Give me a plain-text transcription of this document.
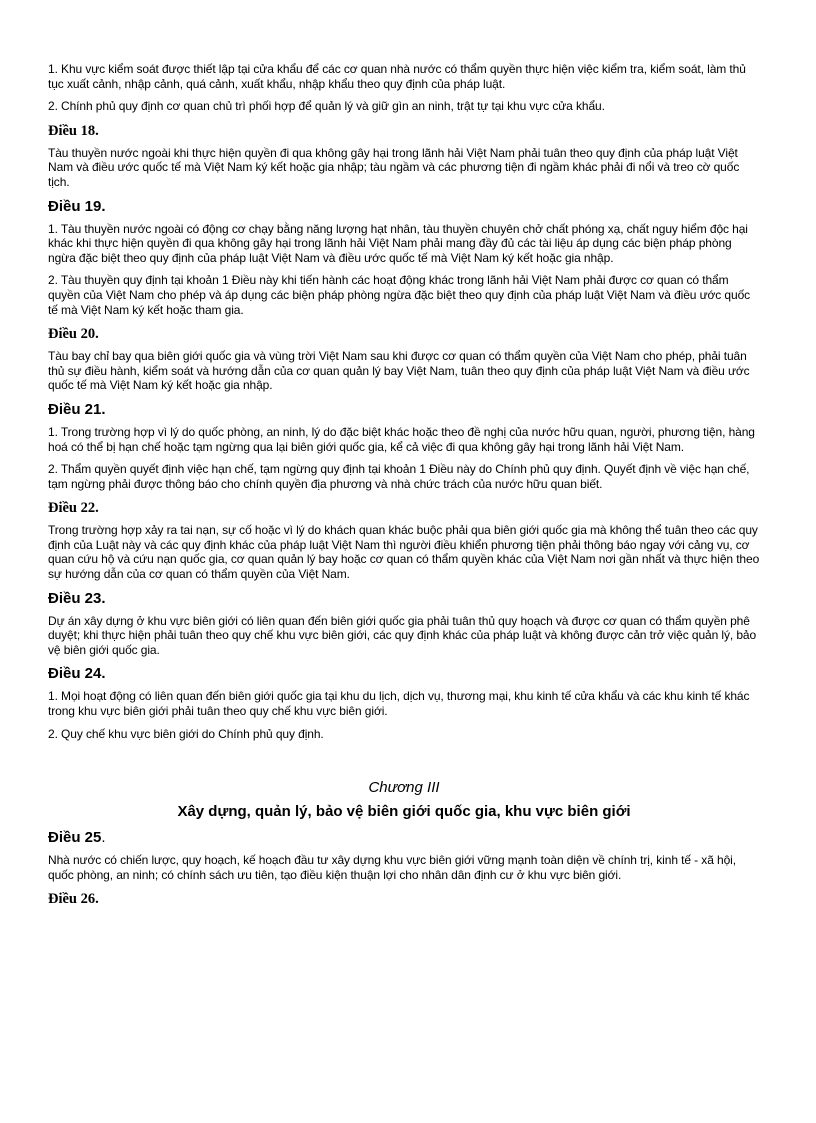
1. Khu vực kiểm soát được thiết lập tại cửa khẩu để các cơ quan nhà nước có thẩm quyền thực hiện việc kiểm tra, kiểm soát, làm thủ tục xuất cảnh, nhập cảnh, quá cảnh, xuất khẩu, nhập khẩu theo quy định của pháp luật.

2. Chính phủ quy định cơ quan chủ trì phối hợp để quản lý và giữ gìn an ninh, trật tự tại khu vực cửa khẩu.

Điều 18.

Tàu thuyền nước ngoài khi thực hiện quyền đi qua không gây hại trong lãnh hải Việt Nam phải tuân theo quy định của pháp luật Việt Nam và điều ước quốc tế mà Việt Nam ký kết hoặc gia nhập; tàu ngầm và các phương tiện đi ngầm khác phải đi nổi và treo cờ quốc tịch.

Điều 19.

1. Tàu thuyền nước ngoài có động cơ chạy bằng năng lượng hạt nhân, tàu thuyền chuyên chở chất phóng xạ, chất nguy hiểm độc hại khác khi thực hiện quyền đi qua không gây hại trong lãnh hải Việt Nam phải mang đầy đủ các tài liệu áp dụng các biện pháp phòng ngừa đặc biệt theo quy định của pháp luật Việt Nam và điều ước quốc tế mà Việt Nam ký kết hoặc gia nhập.

2. Tàu thuyền quy định tại khoản 1 Điều này khi tiến hành các hoạt động khác trong lãnh hải Việt Nam phải được cơ quan có thẩm quyền của Việt Nam cho phép và áp dụng các biện pháp phòng ngừa đặc biệt theo quy định của pháp luật Việt Nam và điều ước quốc tế mà Việt Nam ký kết hoặc tham gia.

Điều 20.

Tàu bay chỉ bay qua biên giới quốc gia và vùng trời Việt Nam sau khi được cơ quan có thẩm quyền của Việt Nam cho phép, phải tuân thủ sự điều hành, kiểm soát và hướng dẫn của cơ quan quản lý bay Việt Nam, tuân theo quy định của pháp luật Việt Nam và điều ước quốc tế mà Việt Nam ký kết hoặc gia nhập.

Điều 21.

1. Trong trường hợp vì lý do quốc phòng, an ninh, lý do đặc biệt khác hoặc theo đề nghị của nước hữu quan, người, phương tiện, hàng hoá có thể bị hạn chế hoặc tạm ngừng qua lại biên giới quốc gia, kể cả việc đi qua không gây hại trong lãnh hải Việt Nam.

2. Thẩm quyền quyết định việc hạn chế, tạm ngừng quy định tại khoản 1 Điều này do Chính phủ quy định. Quyết định về việc hạn chế, tạm ngừng phải được thông báo cho chính quyền địa phương và nhà chức trách của nước hữu quan biết.

Điều 22.

Trong trường hợp xảy ra tai nạn, sự cố hoặc vì lý do khách quan khác buộc phải qua biên giới quốc gia mà không thể tuân theo các quy định của Luật này và các quy định khác của pháp luật Việt Nam thì người điều khiển phương tiện phải thông báo ngay với cảng vụ, cơ quan cứu hộ và cứu nạn quốc gia, cơ quan quản lý bay hoặc cơ quan có thẩm quyền khác của Việt Nam nơi gần nhất và thực hiện theo sự hướng dẫn của cơ quan có thẩm quyền của Việt Nam.

Điều 23.

Dự án xây dựng ở khu vực biên giới có liên quan đến biên giới quốc gia phải tuân thủ quy hoạch và được cơ quan có thẩm quyền phê duyệt; khi thực hiện phải tuân theo quy chế khu vực biên giới, các quy định khác của pháp luật và không được cản trở việc quản lý, bảo vệ biên giới quốc gia.

Điều 24.

1. Mọi hoạt động có liên quan đến biên giới quốc gia tại khu du lịch, dịch vụ, thương mại, khu kinh tế cửa khẩu và các khu kinh tế khác trong khu vực biên giới phải tuân theo quy chế khu vực biên giới.

2. Quy chế khu vực biên giới do Chính phủ quy định.

Chương III
Xây dựng, quản lý, bảo vệ biên giới quốc gia, khu vực biên giới
Điều 25.

Nhà nước có chiến lược, quy hoạch, kế hoạch đầu tư xây dựng khu vực biên giới vững mạnh toàn diện về chính trị, kinh tế - xã hội, quốc phòng, an ninh; có chính sách ưu tiên, tạo điều kiện thuận lợi cho nhân dân định cư ở khu vực biên giới.

Điều 26.
